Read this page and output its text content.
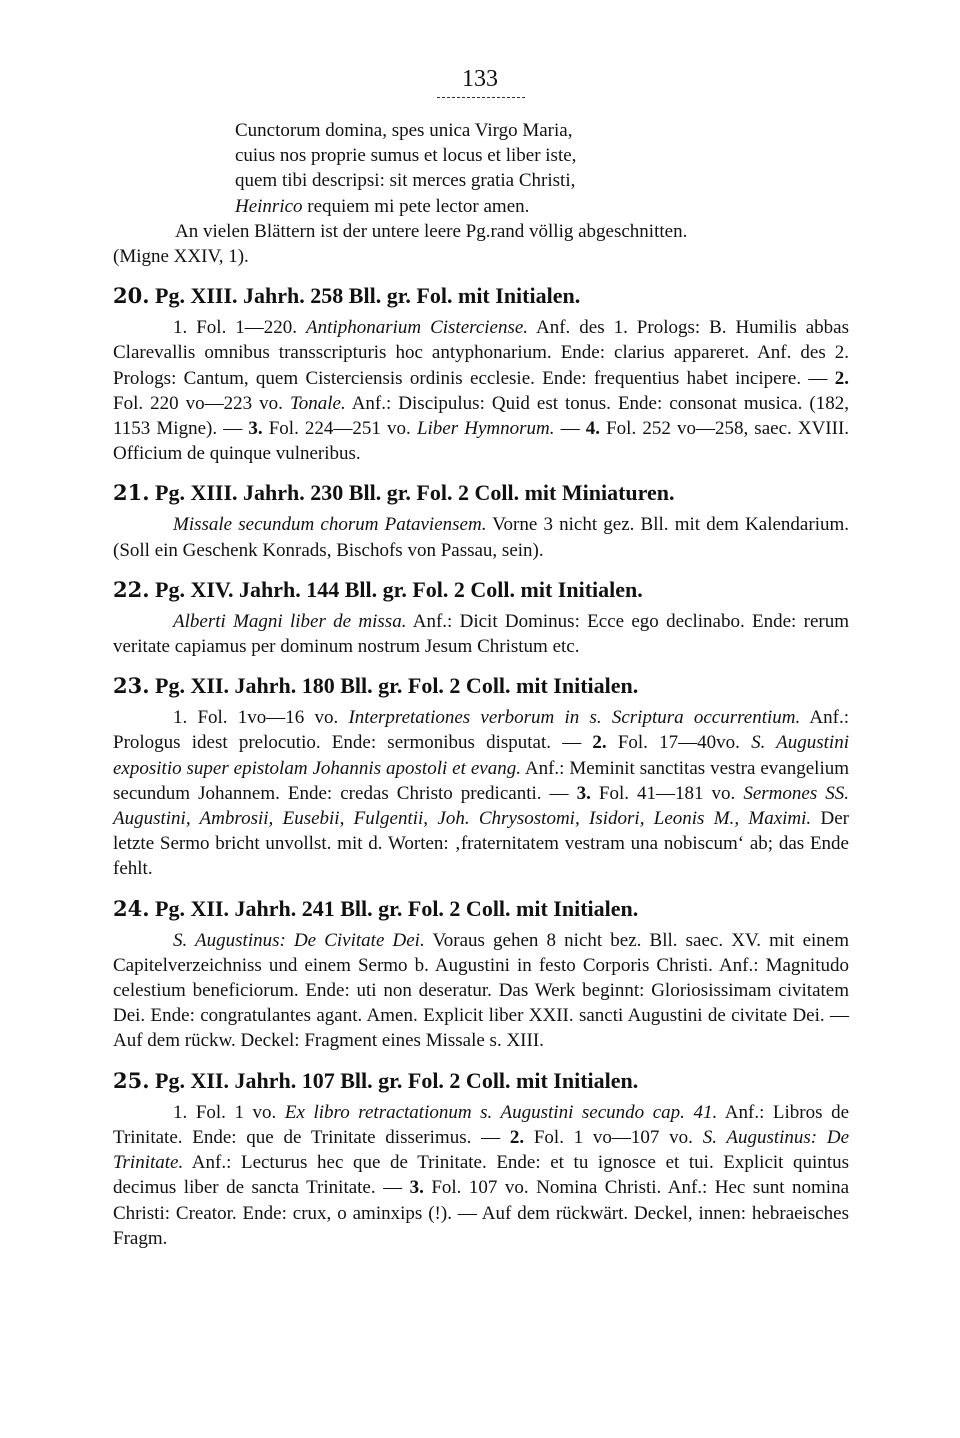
133
Cunctorum domina, spes unica Virgo Maria,
cuius nos proprie sumus et locus et liber iste,
quem tibi descripsi: sit merces gratia Christi,
Heinrico requiem mi pete lector amen.

An vielen Blättern ist der untere leere Pg.rand völlig abgeschnitten.

(Migne XXIV, 1).

20. Pg. XIII. Jahrh. 258 Bll. gr. Fol. mit Initialen.

1. Fol. 1—220. Antiphonarium Cisterciense. Anf. des 1. Prologs: B. Humilis abbas Clarevallis omnibus transscripturis hoc antyphonarium. Ende: clarius appareret. Anf. des 2. Prologs: Cantum, quem Cisterciensis ordinis ecclesie. Ende: frequentius habet incipere. — 2. Fol. 220 vo—223 vo. Tonale. Anf.: Discipulus: Quid est tonus. Ende: consonat musica. (182, 1153 Migne). — 3. Fol. 224—251 vo. Liber Hymnorum. — 4. Fol. 252 vo—258, saec. XVIII. Officium de quinque vulneribus.

21. Pg. XIII. Jahrh. 230 Bll. gr. Fol. 2 Coll. mit Miniaturen.

Missale secundum chorum Pataviensem. Vorne 3 nicht gez. Bll. mit dem Kalendarium. (Soll ein Geschenk Konrads, Bischofs von Passau, sein).

22. Pg. XIV. Jahrh. 144 Bll. gr. Fol. 2 Coll. mit Initialen.

Alberti Magni liber de missa. Anf.: Dicit Dominus: Ecce ego declinabo. Ende: rerum veritate capiamus per dominum nostrum Jesum Christum etc.

23. Pg. XII. Jahrh. 180 Bll. gr. Fol. 2 Coll. mit Initialen.

1. Fol. 1vo—16 vo. Interpretationes verborum in s. Scriptura occurrentium. Anf.: Prologus idest prelocutio. Ende: sermonibus disputat. — 2. Fol. 17—40vo. S. Augustini expositio super epistolam Johannis apostoli et evang. Anf.: Meminit sanctitas vestra evangelium secundum Johannem. Ende: credas Christo predicanti. — 3. Fol. 41—181 vo. Sermones SS. Augustini, Ambrosii, Eusebii, Fulgentii, Joh. Chrysostomi, Isidori, Leonis M., Maximi. Der letzte Sermo bricht unvollst. mit d. Worten: ‚fraternitatem vestram una nobiscum‘ ab; das Ende fehlt.

24. Pg. XII. Jahrh. 241 Bll. gr. Fol. 2 Coll. mit Initialen.

S. Augustinus: De Civitate Dei. Voraus gehen 8 nicht bez. Bll. saec. XV. mit einem Capitelverzeichniss und einem Sermo b. Augustini in festo Corporis Christi. Anf.: Magnitudo celestium beneficiorum. Ende: uti non deseratur. Das Werk beginnt: Gloriosissimam civitatem Dei. Ende: congratulantes agant. Amen. Explicit liber XXII. sancti Augustini de civitate Dei. — Auf dem rückw. Deckel: Fragment eines Missale s. XIII.

25. Pg. XII. Jahrh. 107 Bll. gr. Fol. 2 Coll. mit Initialen.

1. Fol. 1 vo. Ex libro retractationum s. Augustini secundo cap. 41. Anf.: Libros de Trinitate. Ende: que de Trinitate disserimus. — 2. Fol. 1 vo—107 vo. S. Augustinus: De Trinitate. Anf.: Lecturus hec que de Trinitate. Ende: et tu ignosce et tui. Explicit quintus decimus liber de sancta Trinitate. — 3. Fol. 107 vo. Nomina Christi. Anf.: Hec sunt nomina Christi: Creator. Ende: crux, o aminxips (!). — Auf dem rückwärt. Deckel, innen: hebraeisches Fragm.
